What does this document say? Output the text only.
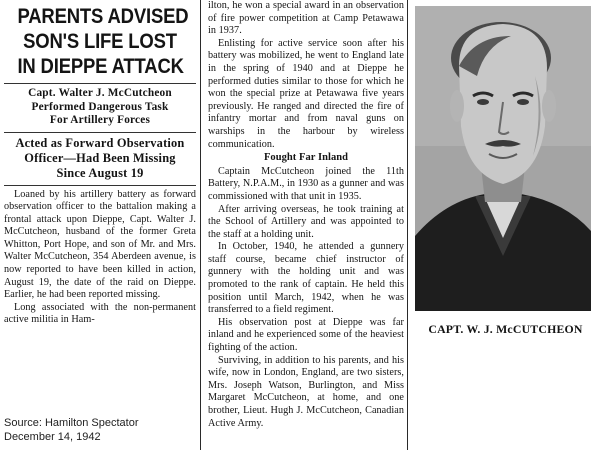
PARENTS ADVISED
SON'S LIFE LOST
IN DIEPPE ATTACK
Capt. Walter J. McCutcheon
Performed Dangerous Task
For Artillery Forces
Acted as Forward Observation
Officer—Had Been Missing
Since August 19

Loaned by his artillery battery as forward observation officer to the battalion making a frontal attack upon Dieppe, Capt. Walter J. McCutcheon, husband of the former Greta Whitton, Port Hope, and son of Mr. and Mrs. Walter McCutcheon, 354 Aberdeen avenue, is now reported to have been killed in action, August 19, the date of the raid on Dieppe. Earlier, he had been reported missing.

Long associated with the non-permanent active militia in Ham-

Source: Hamilton Spectator
December 14, 1942

ilton, he won a special award in an observation of fire power competition at Camp Petawawa in 1937.

Enlisting for active service soon after his battery was mobilized, he went to England late in the spring of 1940 and at Dieppe he performed duties similar to those for which he won the special prize at Petawawa five years previously. He ranged and directed the fire of infantry mortar and from naval guns on warships in the harbour by wireless communication.

Fought Far Inland

Captain McCutcheon joined the 11th Battery, N.P.A.M., in 1930 as a gunner and was commissioned with that unit in 1935.

After arriving overseas, he took training at the School of Artillery and was appointed to the staff at a holding unit.

In October, 1940, he attended a gunnery staff course, became chief instructor of gunnery with the holding unit and was promoted to the rank of captain. He held this position until March, 1942, when he was transferred to a field regiment.

His observation post at Dieppe was far inland and he experienced some of the heaviest fighting of the action.

Surviving, in addition to his parents, and his wife, now in London, England, are two sisters, Mrs. Joseph Watson, Burlington, and Miss Margaret McCutcheon, at home, and one brother, Lieut. Hugh J. McCutcheon, Canadian Active Army.

CAPT. W. J. McCUTCHEON
